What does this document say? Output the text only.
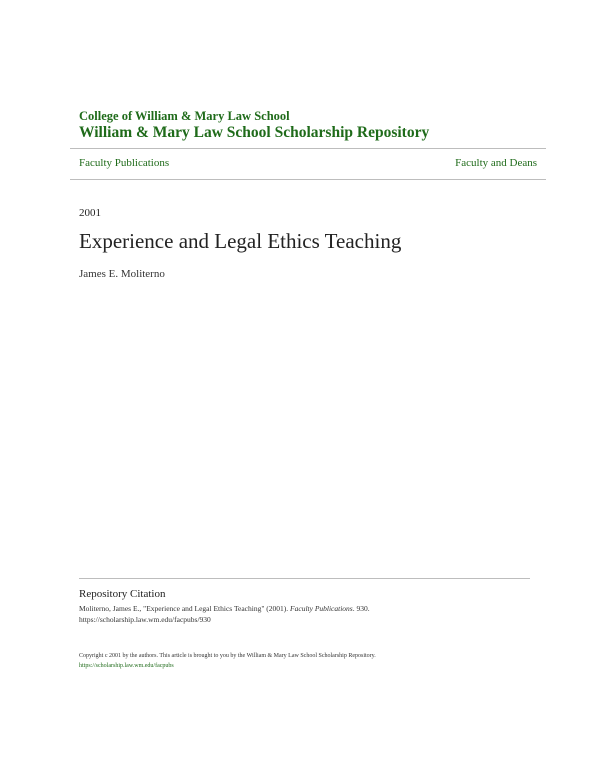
College of William & Mary Law School

William & Mary Law School Scholarship Repository

Faculty Publications	Faculty and Deans
2001
Experience and Legal Ethics Teaching
James E. Moliterno
Repository Citation
Moliterno, James E., "Experience and Legal Ethics Teaching" (2001). Faculty Publications. 930.
https://scholarship.law.wm.edu/facpubs/930
Copyright c 2001 by the authors. This article is brought to you by the William & Mary Law School Scholarship Repository.
https://scholarship.law.wm.edu/facpubs
